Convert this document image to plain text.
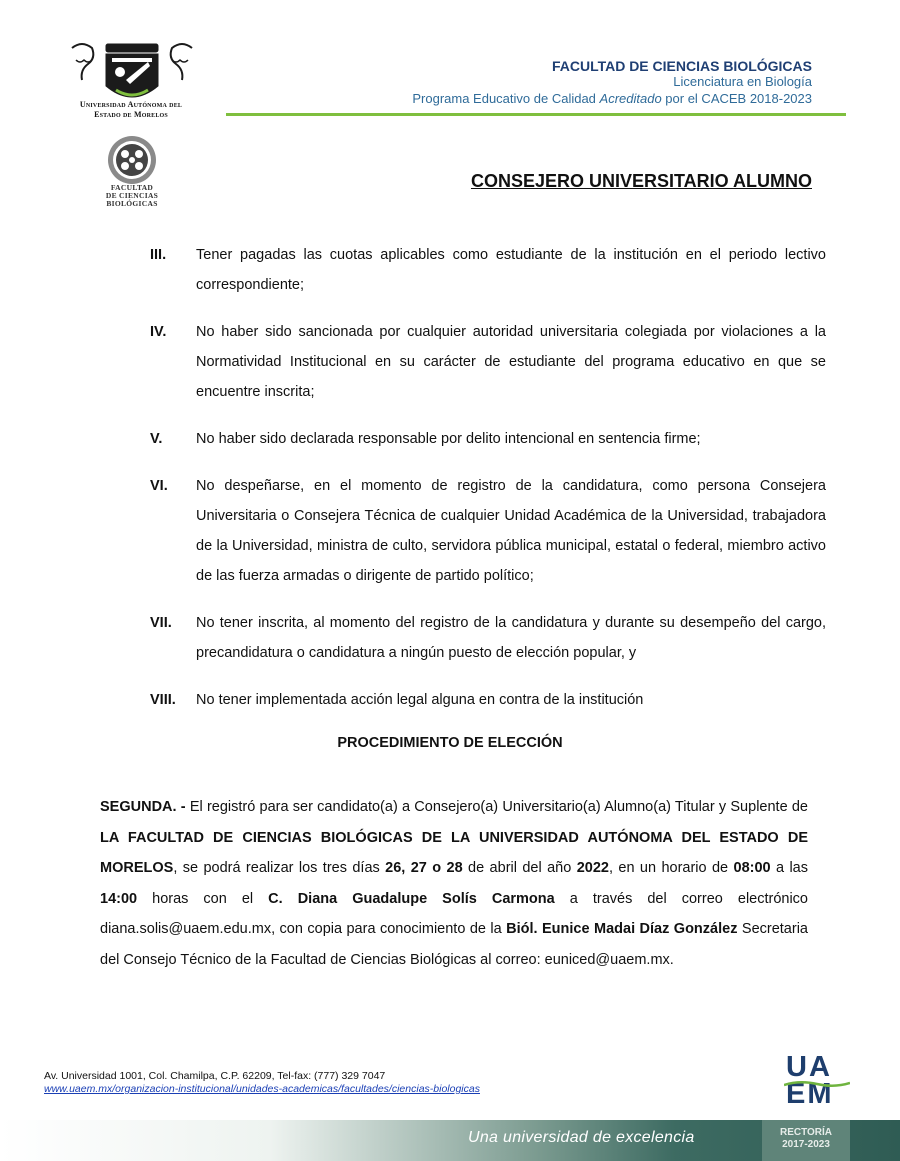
Universidad Autónoma del
Estado de Morelos
FACULTAD
DE CIENCIAS
BIOLÓGICAS
FACULTAD DE CIENCIAS BIOLÓGICAS
Licenciatura en Biología
Programa Educativo de Calidad Acreditado por el CACEB 2018-2023
CONSEJERO UNIVERSITARIO ALUMNO
III.	Tener pagadas las cuotas aplicables como estudiante de la institución en el periodo lectivo correspondiente;
IV.	No haber sido sancionada por cualquier autoridad universitaria colegiada por violaciones a la Normatividad Institucional en su carácter de estudiante del programa educativo en que se encuentre inscrita;
V.	No haber sido declarada responsable por delito intencional en sentencia firme;
VI.	No despeñarse, en el momento de registro de la candidatura, como persona Consejera Universitaria o Consejera Técnica de cualquier Unidad Académica de la Universidad, trabajadora de la Universidad, ministra de culto, servidora pública municipal, estatal o federal, miembro activo de las fuerza armadas o dirigente de partido político;
VII.	No tener inscrita, al momento del registro de la candidatura y durante su desempeño del cargo, precandidatura o candidatura a ningún puesto de elección popular, y
VIII.	No tener implementada acción legal alguna en contra de la institución
PROCEDIMIENTO DE ELECCIÓN
SEGUNDA. - El registró para ser candidato(a) a Consejero(a) Universitario(a) Alumno(a) Titular y Suplente de LA FACULTAD DE CIENCIAS BIOLÓGICAS DE LA UNIVERSIDAD AUTÓNOMA DEL ESTADO DE MORELOS, se podrá realizar los tres días 26, 27 o 28 de abril del año 2022, en un horario de 08:00 a las 14:00 horas con el C. Diana Guadalupe Solís Carmona a través del correo electrónico diana.solis@uaem.edu.mx, con copia para conocimiento de la Biól. Eunice Madai Díaz González Secretaria del Consejo Técnico de la Facultad de Ciencias Biológicas al correo: euniced@uaem.mx.
Av. Universidad 1001, Col. Chamilpa, C.P. 62209, Tel-fax: (777) 329 7047
www.uaem.mx/organizacion-institucional/unidades-academicas/facultades/ciencias-biologicas
UA
EM
Una universidad de excelencia	RECTORÍA
2017-2023
